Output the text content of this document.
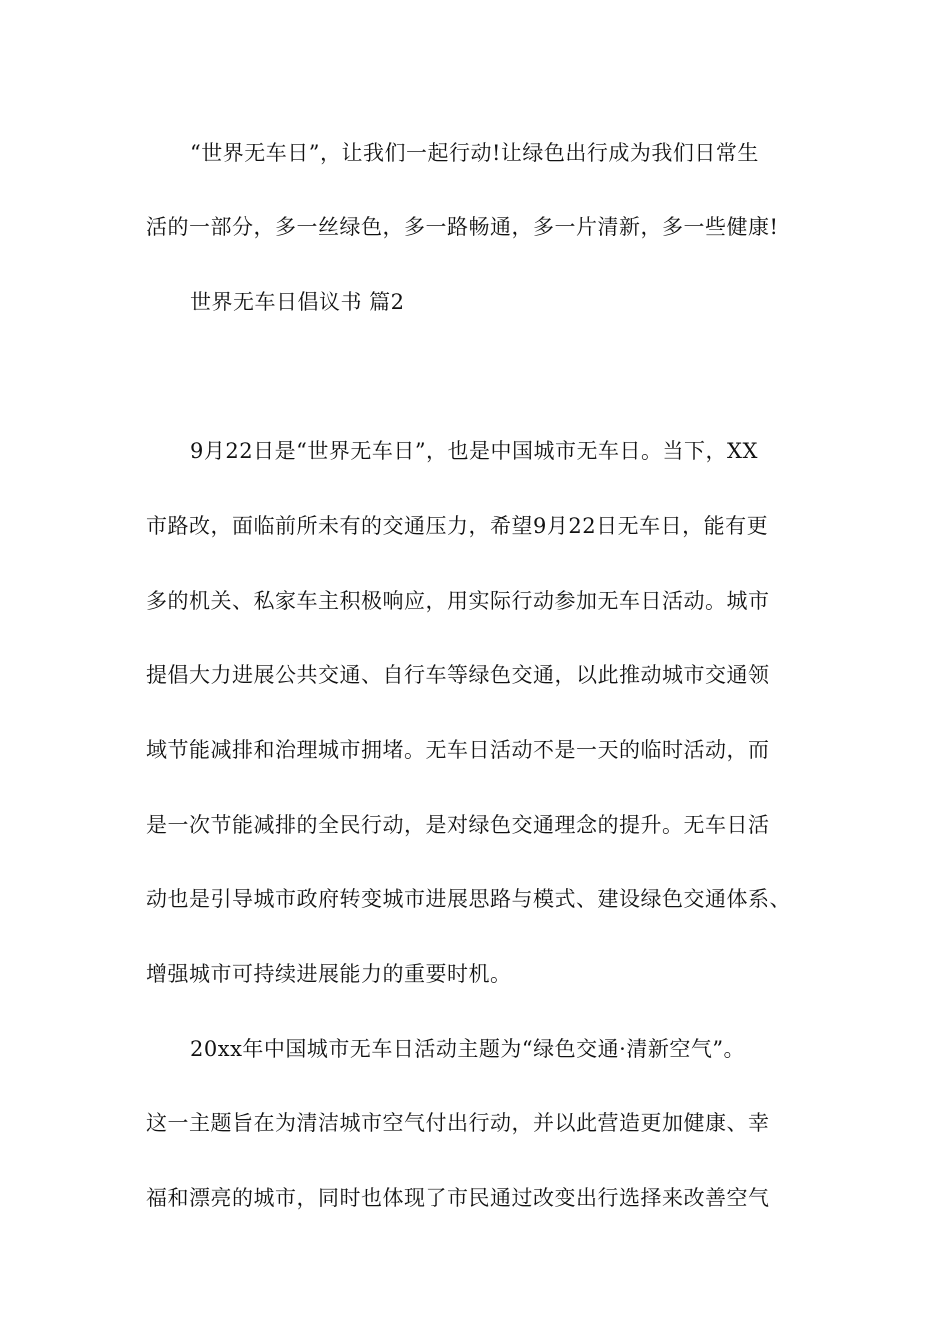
“世界无车日”，让我们一起行动!让绿色出行成为我们日常生
活的一部分，多一丝绿色，多一路畅通，多一片清新，多一些健康!
世界无车日倡议书 篇2
9月22日是“世界无车日”，也是中国城市无车日。当下，XX
市路改，面临前所未有的交通压力，希望9月22日无车日，能有更
多的机关、私家车主积极响应，用实际行动参加无车日活动。城市
提倡大力进展公共交通、自行车等绿色交通，以此推动城市交通领
域节能减排和治理城市拥堵。无车日活动不是一天的临时活动，而
是一次节能减排的全民行动，是对绿色交通理念的提升。无车日活
动也是引导城市政府转变城市进展思路与模式、建设绿色交通体系、
增强城市可持续进展能力的重要时机。
20xx年中国城市无车日活动主题为“绿色交通·清新空气”。
这一主题旨在为清洁城市空气付出行动，并以此营造更加健康、幸
福和漂亮的城市，同时也体现了市民通过改变出行选择来改善空气
